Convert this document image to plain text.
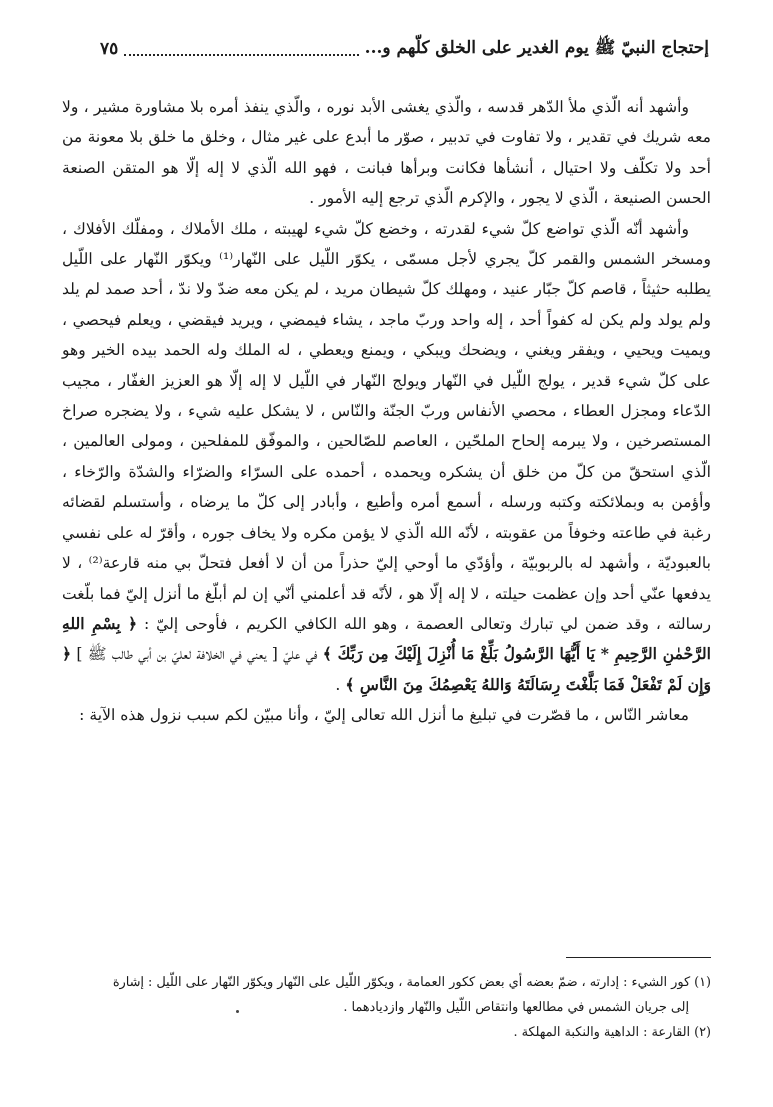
إحتجاج النبيّ ﷺ يوم الغدير على الخلق كلّهم و...
٧٥

وأشهد أنه الّذي ملأ الدّهر قدسه ، والّذي يغشى الأبد نوره ، والّذي ينفذ أمره بلا مشاورة مشير ، ولا معه شريك في تقدير ، ولا تفاوت في تدبير ، صوّر ما أبدع على غير مثال ، وخلق ما خلق بلا معونة من أحد ولا تكلّف ولا احتيال ، أنشأها فكانت وبرأها فبانت ، فهو الله الّذي لا إله إلّا هو المتقن الصنعة الحسن الصنيعة ، الّذي لا يجور ، والإكرم الّذي ترجع إليه الأمور .

وأشهد أنّه الّذي تواضع كلّ شيء لقدرته ، وخضع كلّ شيء لهيبته ، ملك الأملاك ، ومفلّك الأفلاك ، ومسخر الشمس والقمر كلّ يجري لأجل مسمّى ، يكوّر اللّيل على النّهار⁽¹⁾ ويكوّر النّهار على اللّيل يطلبه حثيثاً ، قاصم كلّ جبّار عنيد ، ومهلك كلّ شيطان مريد ، لم يكن معه ضدّ ولا ندّ ، أحد صمد لم يلد ولم يولد ولم يكن له كفواً أحد ، إله واحد وربّ ماجد ، يشاء فيمضي ، ويريد فيقضي ، ويعلم فيحصي ، ويميت ويحيي ، ويفقر ويغني ، ويضحك ويبكي ، ويمنع ويعطي ، له الملك وله الحمد بيده الخير وهو على كلّ شيء قدير ، يولج اللّيل في النّهار ويولج النّهار في اللّيل لا إله إلّا هو العزيز الغفّار ، مجيب الدّعاء ومجزل العطاء ، محصي الأنفاس وربّ الجنّة والنّاس ، لا يشكل عليه شيء ، ولا يضجره صراخ المستصرخين ، ولا يبرمه إلحاح الملحّين ، العاصم للصّالحين ، والموفّق للمفلحين ، ومولى العالمين ، الّذي استحقّ من كلّ من خلق أن يشكره ويحمده ، أحمده على السرّاء والضرّاء والشدّة والرّخاء ، وأؤمن به وبملائكته وكتبه ورسله ، أسمع أمره وأطيع ، وأبادر إلى كلّ ما يرضاه ، وأستسلم لقضائه رغبة في طاعته وخوفاً من عقوبته ، لأنّه الله الّذي لا يؤمن مكره ولا يخاف جوره ، وأقرّ له على نفسي بالعبوديّة ، وأشهد له بالربوبيّة ، وأؤدّي ما أوحي إليّ حذراً من أن لا أفعل فتحلّ بي منه قارعة⁽²⁾ ، لا يدفعها عنّي أحد وإن عظمت حيلته ، لا إله إلّا هو ، لأنّه قد أعلمني أنّي إن لم أبلّغ ما أنزل إليّ فما بلّغت رسالته ، وقد ضمن لي تبارك وتعالى العصمة ، وهو الله الكافي الكريم ، فأوحى إليّ : ﴿ بِسْمِ اللهِ الرَّحْمٰنِ الرَّحِيمِ * يَا أَيُّهَا الرَّسُولُ بَلِّغْ مَا أُنْزِلَ إِلَيْكَ مِن رَبِّكَ ﴾ في عليّ [ يعني في الخلافة لعليّ بن أبي طالب ﷺ ] ﴿ وَإِن لَمْ تَفْعَلْ فَمَا بَلَّغْتَ رِسَالَتَهُ وَاللهُ يَعْصِمُكَ مِنَ النَّاسِ ﴾ .

معاشر النّاس ، ما قصّرت في تبليغ ما أنزل الله تعالى إليّ ، وأنا مبيّن لكم سبب نزول هذه الآية :

(١) كور الشيء : إدارته ، ضمّ بعضه أي بعض ككور العمامة ، ويكوّر اللّيل على النّهار ويكوّر النّهار على اللّيل : إشارة

إلى جريان الشمس في مطالعها وانتقاص اللّيل والنّهار وازديادهما .

(٢) القارعة : الداهية والنكبة المهلكة .
